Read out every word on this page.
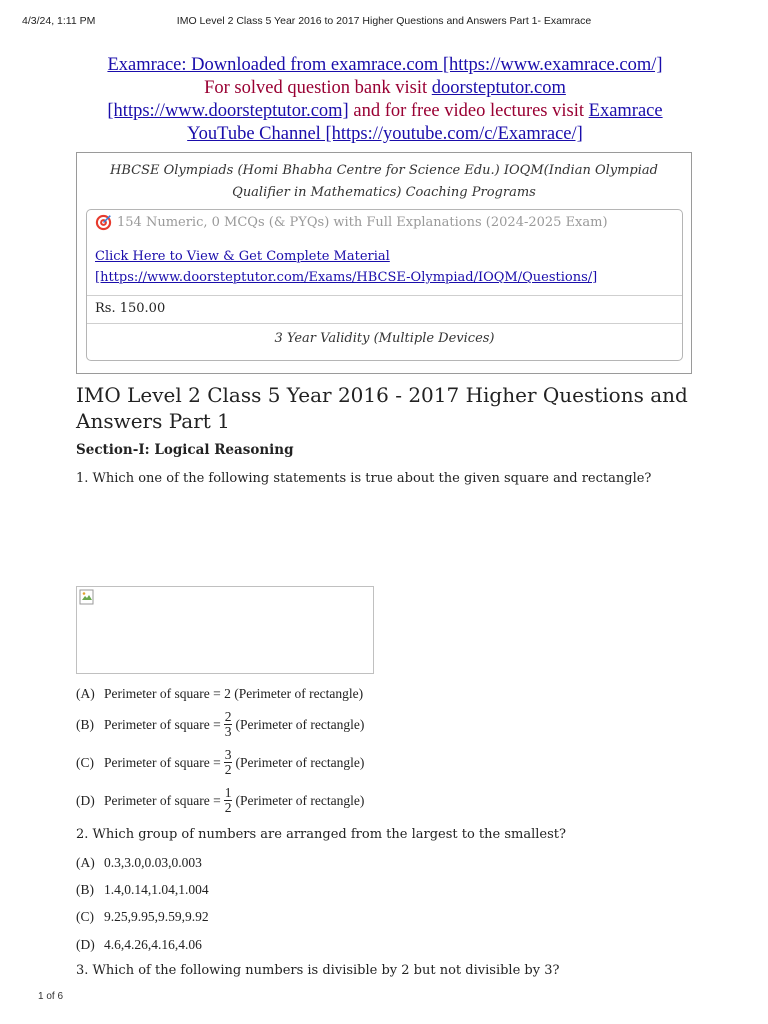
4/3/24, 1:11 PM	IMO Level 2 Class 5 Year 2016 to 2017 Higher Questions and Answers Part 1- Examrace
Examrace: Downloaded from examrace.com [https://www.examrace.com/]
For solved question bank visit doorsteptutor.com
[https://www.doorsteptutor.com] and for free video lectures visit Examrace
YouTube Channel [https://youtube.com/c/Examrace/]
HBCSE Olympiads (Homi Bhabha Centre for Science Edu.) IOQM(Indian Olympiad Qualifier in Mathematics) Coaching Programs
154 Numeric, 0 MCQs (& PYQs) with Full Explanations (2024-2025 Exam)
Click Here to View & Get Complete Material
[https://www.doorsteptutor.com/Exams/HBCSE-Olympiad/IOQM/Questions/]
Rs. 150.00
3 Year Validity (Multiple Devices)
IMO Level 2 Class 5 Year 2016 - 2017 Higher Questions and Answers Part 1
Section-I: Logical Reasoning
1. Which one of the following statements is true about the given square and rectangle?
(A) Perimeter of square = 2 (Perimeter of rectangle)
(B) Perimeter of square = $\frac{2}{3}$ (Perimeter of rectangle)
(C) Perimeter of square = $\frac{3}{2}$ (Perimeter of rectangle)
(D) Perimeter of square = $\frac{1}{2}$ (Perimeter of rectangle)
2. Which group of numbers are arranged from the largest to the smallest?
(A) 0.3,3.0,0.03,0.003
(B) 1.4,0.14,1.04,1.004
(C) 9.25,9.95,9.59,9.92
(D) 4.6,4.26,4.16,4.06
3. Which of the following numbers is divisible by 2 but not divisible by 3?
1 of 6
